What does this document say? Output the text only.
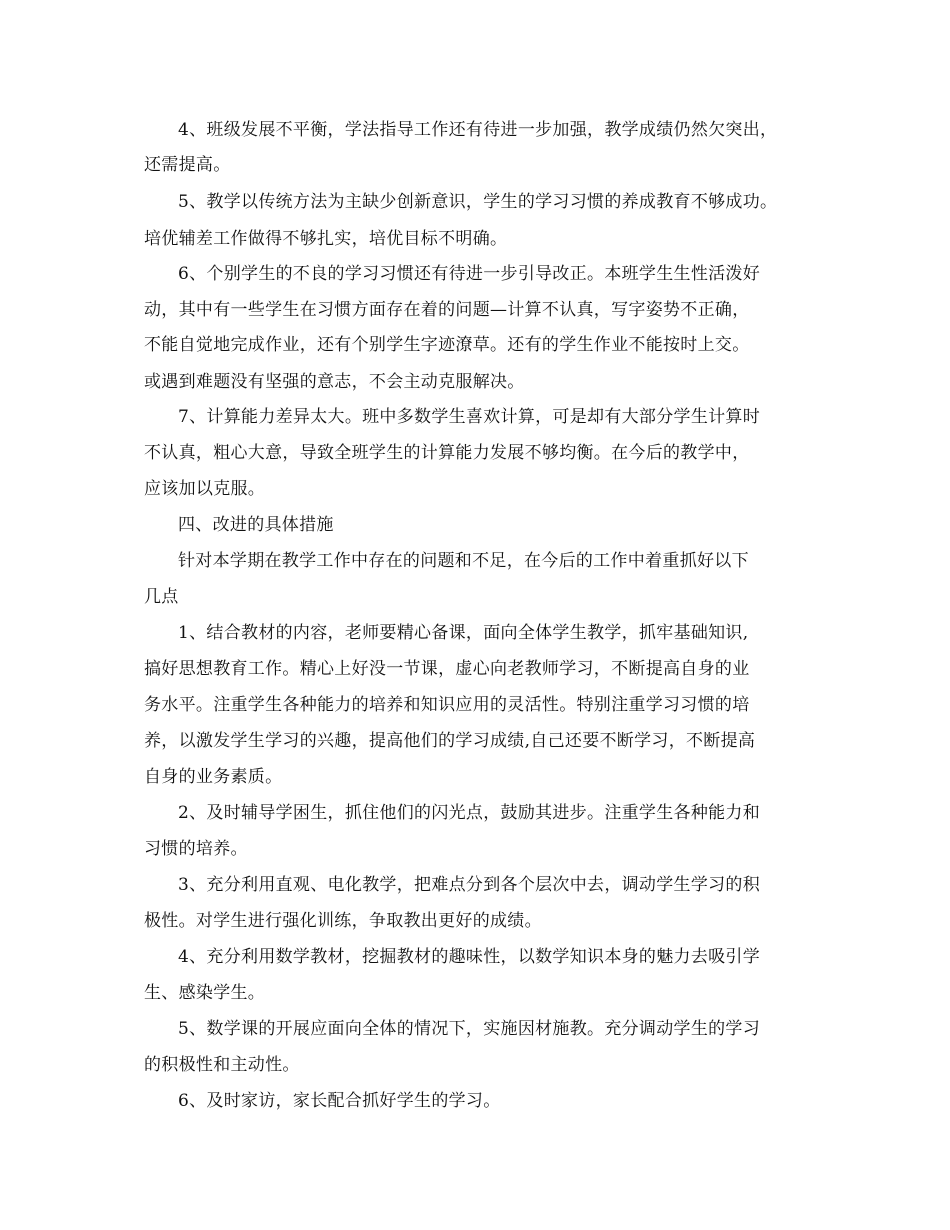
4、班级发展不平衡，学法指导工作还有待进一步加强，教学成绩仍然欠突出，
还需提高。
5、教学以传统方法为主缺少创新意识，学生的学习习惯的养成教育不够成功。
培优辅差工作做得不够扎实，培优目标不明确。
6、个别学生的不良的学习习惯还有待进一步引导改正。本班学生生性活泼好
动，其中有一些学生在习惯方面存在着的问题—计算不认真，写字姿势不正确，
不能自觉地完成作业，还有个别学生字迹潦草。还有的学生作业不能按时上交。
或遇到难题没有坚强的意志，不会主动克服解决。
7、计算能力差异太大。班中多数学生喜欢计算，可是却有大部分学生计算时
不认真，粗心大意，导致全班学生的计算能力发展不够均衡。在今后的教学中，
应该加以克服。
四、改进的具体措施
针对本学期在教学工作中存在的问题和不足，在今后的工作中着重抓好以下
几点
1、结合教材的内容，老师要精心备课，面向全体学生教学，抓牢基础知识,
搞好思想教育工作。精心上好没一节课，虚心向老教师学习，不断提高自身的业
务水平。注重学生各种能力的培养和知识应用的灵活性。特别注重学习习惯的培
养，以激发学生学习的兴趣，提高他们的学习成绩,自己还要不断学习，不断提高
自身的业务素质。
2、及时辅导学困生，抓住他们的闪光点，鼓励其进步。注重学生各种能力和
习惯的培养。
3、充分利用直观、电化教学，把难点分到各个层次中去，调动学生学习的积
极性。对学生进行强化训练，争取教出更好的成绩。
4、充分利用数学教材，挖掘教材的趣味性，以数学知识本身的魅力去吸引学
生、感染学生。
5、数学课的开展应面向全体的情况下，实施因材施教。充分调动学生的学习
的积极性和主动性。
6、及时家访，家长配合抓好学生的学习。
